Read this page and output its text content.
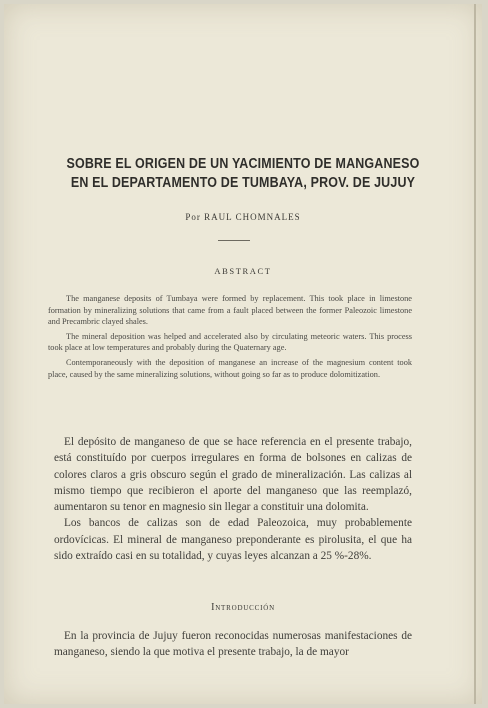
SOBRE EL ORIGEN DE UN YACIMIENTO DE MANGANESO
EN EL DEPARTAMENTO DE TUMBAYA, PROV. DE JUJUY
Por RAUL CHOMNALES
ABSTRACT

The manganese deposits of Tumbaya were formed by replacement. This took place in limestone formation by mineralizing solutions that came from a fault placed between the former Paleozoic limestone and Precambric clayed shales.

The mineral deposition was helped and accelerated also by circulating meteoric waters. This process took place at low temperatures and probably during the Quaternary age.

Contemporaneously with the deposition of manganese an increase of the magnesium content took place, caused by the same mineralizing solutions, without going so far as to produce dolomitization.

El depósito de manganeso de que se hace referencia en el presente trabajo, está constituído por cuerpos irregulares en forma de bolsones en calizas de colores claros a gris obscuro según el grado de mineralización. Las calizas al mismo tiempo que recibieron el aporte del manganeso que las reemplazó, aumentaron su tenor en magnesio sin llegar a constituir una dolomita.

Los bancos de calizas son de edad Paleozoica, muy probablemente ordovícicas. El mineral de manganeso preponderante es pirolusita, el que ha sido extraído casi en su totalidad, y cuyas leyes alcanzan a 25 %-28%.

Introducción

En la provincia de Jujuy fueron reconocidas numerosas manifestaciones de manganeso, siendo la que motiva el presente trabajo, la de mayor
